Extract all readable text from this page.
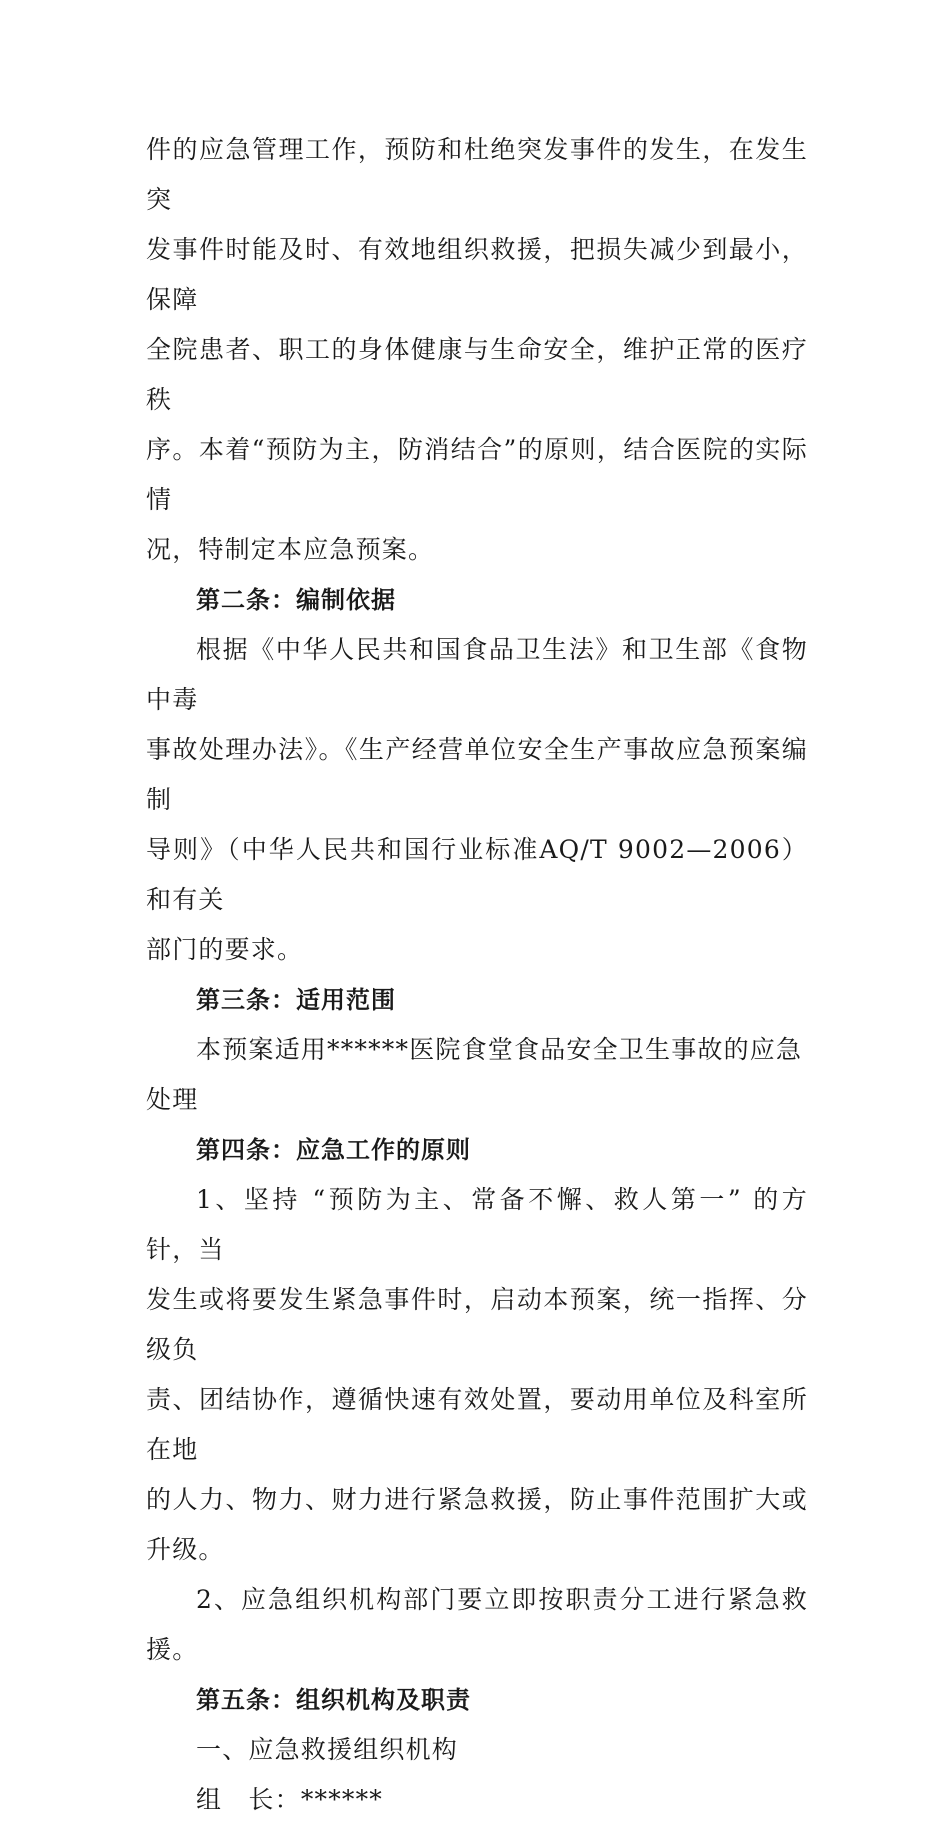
件的应急管理工作，预防和杜绝突发事件的发生，在发生突
发事件时能及时、有效地组织救援，把损失减少到最小，保障
全院患者、职工的身体健康与生命安全，维护正常的医疗秩
序。本着“预防为主，防消结合”的原则，结合医院的实际情
况，特制定本应急预案。
第二条：编制依据
根据《中华人民共和国食品卫生法》和卫生部《食物中毒
事故处理办法》。《生产经营单位安全生产事故应急预案编制
导则》（中华人民共和国行业标准AQ/T 9002—2006）和有关
部门的要求。
第三条：适用范围
本预案适用******医院食堂食品安全卫生事故的应急
处理
第四条：应急工作的原则
1、坚持 “预防为主、常备不懈、救人第一” 的方针，当
发生或将要发生紧急事件时，启动本预案，统一指挥、分级负
责、团结协作，遵循快速有效处置，要动用单位及科室所在地
的人力、物力、财力进行紧急救援，防止事件范围扩大或升级。
2、应急组织机构部门要立即按职责分工进行紧急救援。
第五条：组织机构及职责
一、应急救援组织机构
组　长：******
